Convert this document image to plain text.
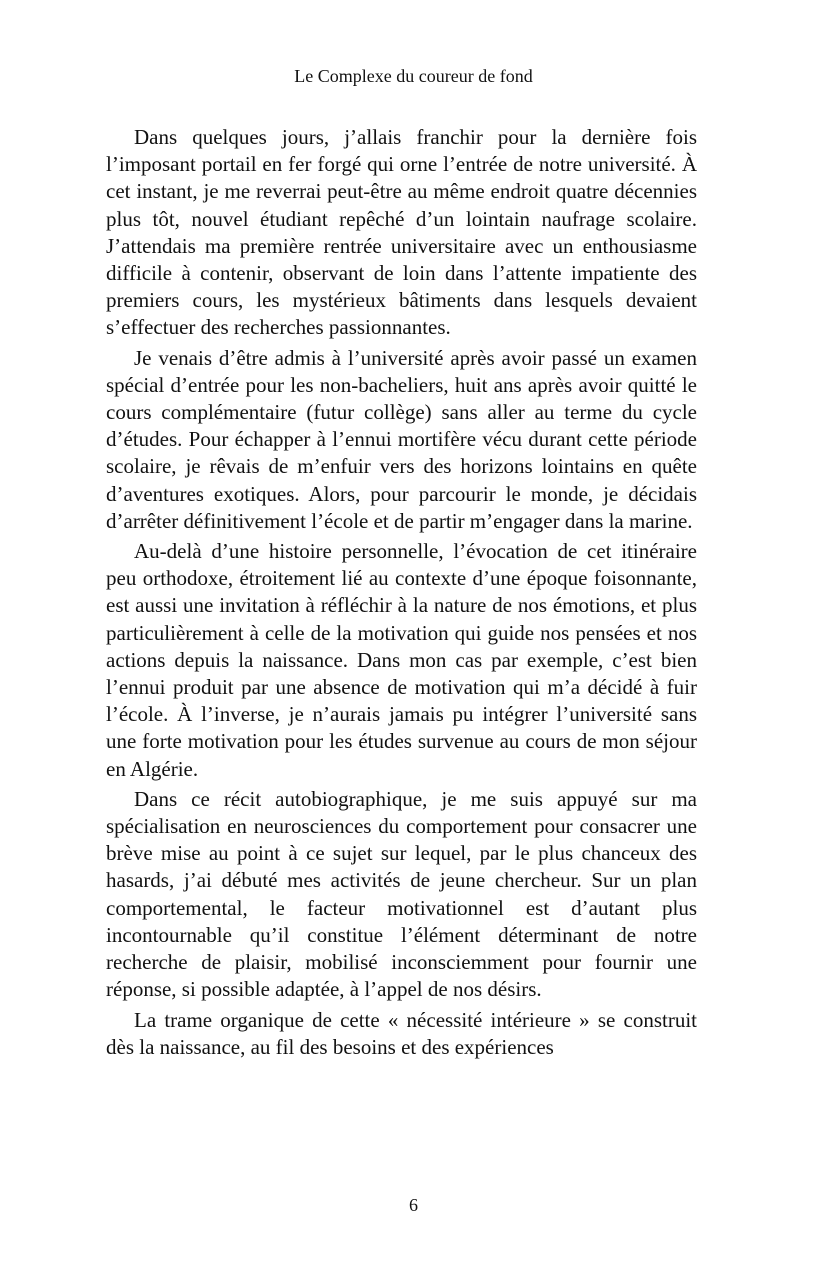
Le Complexe du coureur de fond

Dans quelques jours, j’allais franchir pour la dernière fois l’imposant portail en fer forgé qui orne l’entrée de notre université. À cet instant, je me reverrai peut-être au même endroit quatre décennies plus tôt, nouvel étudiant repêché d’un lointain naufrage scolaire. J’attendais ma première rentrée universitaire avec un enthousiasme difficile à contenir, observant de loin dans l’attente impatiente des premiers cours, les mystérieux bâtiments dans lesquels devaient s’effectuer des recherches passionnantes.

Je venais d’être admis à l’université après avoir passé un examen spécial d’entrée pour les non-bacheliers, huit ans après avoir quitté le cours complémentaire (futur collège) sans aller au terme du cycle d’études. Pour échapper à l’ennui mortifère vécu durant cette période scolaire, je rêvais de m’enfuir vers des horizons lointains en quête d’aventures exotiques. Alors, pour parcourir le monde, je décidais d’arrêter définitivement l’école et de partir m’engager dans la marine.

Au-delà d’une histoire personnelle, l’évocation de cet itinéraire peu orthodoxe, étroitement lié au contexte d’une époque foisonnante, est aussi une invitation à réfléchir à la nature de nos émotions, et plus particulièrement à celle de la motivation qui guide nos pensées et nos actions depuis la naissance. Dans mon cas par exemple, c’est bien l’ennui produit par une absence de motivation qui m’a décidé à fuir l’école. À l’inverse, je n’aurais jamais pu intégrer l’université sans une forte motivation pour les études survenue au cours de mon séjour en Algérie.

Dans ce récit autobiographique, je me suis appuyé sur ma spécialisation en neurosciences du comportement pour consacrer une brève mise au point à ce sujet sur lequel, par le plus chanceux des hasards, j’ai débuté mes activités de jeune chercheur. Sur un plan comportemental, le facteur motivationnel est d’autant plus incontournable qu’il constitue l’élément déterminant de notre recherche de plaisir, mobilisé inconsciemment pour fournir une réponse, si possible adaptée, à l’appel de nos désirs.

La trame organique de cette « nécessité intérieure » se construit dès la naissance, au fil des besoins et des expériences

6
